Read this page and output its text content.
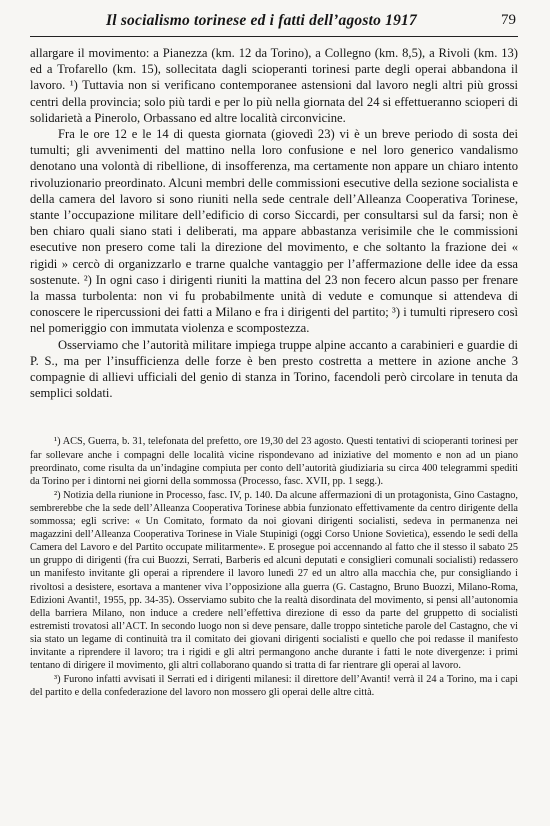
Il socialismo torinese ed i fatti dell’agosto 1917	79

allargare il movimento: a Pianezza (km. 12 da Torino), a Collegno (km. 8,5), a Rivoli (km. 13) ed a Trofarello (km. 15), sollecitata dagli scioperanti torinesi parte degli operai abbandona il lavoro. ¹) Tuttavia non si verificano contemporanee astensioni dal lavoro negli altri più grossi centri della provincia; solo più tardi e per lo più nella giornata del 24 si effettueranno scioperi di solidarietà a Pinerolo, Orbassano ed altre località circonvicine.

Fra le ore 12 e le 14 di questa giornata (giovedì 23) vi è un breve periodo di sosta dei tumulti; gli avvenimenti del mattino nella loro confusione e nel loro generico vandalismo denotano una volontà di ribellione, di insofferenza, ma certamente non appare un chiaro intento rivoluzionario preordinato. Alcuni membri delle commissioni esecutive della sezione socialista e della camera del lavoro si sono riuniti nella sede centrale dell’Alleanza Cooperativa Torinese, stante l’occupazione militare dell’edificio di corso Siccardi, per consultarsi sul da farsi; non è ben chiaro quali siano stati i deliberati, ma appare abbastanza verisimile che le commissioni esecutive non presero come tali la direzione del movimento, e che soltanto la frazione dei « rigidi » cercò di organizzarlo e trarne qualche vantaggio per l’affermazione delle idee da essa sostenute. ²) In ogni caso i dirigenti riuniti la mattina del 23 non fecero alcun passo per frenare la massa turbolenta: non vi fu probabilmente unità di vedute e comunque si attendeva di conoscere le ripercussioni dei fatti a Milano e fra i dirigenti del partito; ³) i tumulti ripresero così nel pomeriggio con immutata violenza e scompostezza.

Osserviamo che l’autorità militare impiega truppe alpine accanto a carabinieri e guardie di P. S., ma per l’insufficienza delle forze è ben presto costretta a mettere in azione anche 3 compagnie di allievi ufficiali del genio di stanza in Torino, facendoli però circolare in tenuta da semplici soldati.

¹) ACS, Guerra, b. 31, telefonata del prefetto, ore 19,30 del 23 agosto. Questi tentativi di scioperanti torinesi per far sollevare anche i compagni delle località vicine rispondevano ad iniziative del momento e non ad un piano preordinato, come risulta da un’indagine compiuta per conto dell’autorità giudiziaria su circa 400 telegrammi spediti da Torino per i dintorni nei giorni della sommossa (Processo, fasc. XVII, pp. 1 segg.).

²) Notizia della riunione in Processo, fasc. IV, p. 140. Da alcune affermazioni di un protagonista, Gino Castagno, sembrerebbe che la sede dell’Alleanza Cooperativa Torinese abbia funzionato effettivamente da centro dirigente della sommossa; egli scrive: « Un Comitato, formato da noi giovani dirigenti socialisti, sedeva in permanenza nei magazzini dell’Alleanza Cooperativa Torinese in Viale Stupinigi (oggi Corso Unione Sovietica), essendo le sedi della Camera del Lavoro e del Partito occupate militarmente». E prosegue poi accennando al fatto che il stesso il sabato 25 un gruppo di dirigenti (fra cui Buozzi, Serrati, Barberis ed alcuni deputati e consiglieri comunali socialisti) redassero un manifesto invitante gli operai a riprendere il lavoro lunedì 27 ed un altro alla macchia che, pur consigliando i rivoltosi a desistere, esortava a mantener viva l’opposizione alla guerra (G. Castagno, Bruno Buozzi, Milano-Roma, Edizioni Avanti!, 1955, pp. 34-35). Osserviamo subito che la realtà disordinata del movimento, si pensi all’autonomia della barriera Milano, non induce a credere nell’effettiva direzione di esso da parte del gruppetto di socialisti estremisti trovatosi all’ACT. In secondo luogo non si deve pensare, dalle troppo sintetiche parole del Castagno, che vi sia stato un legame di continuità tra il comitato dei giovani dirigenti socialisti e quello che poi redasse il manifesto invitante a riprendere il lavoro; tra i rigidi e gli altri permangono anche durante i fatti le note divergenze: i primi tentano di dirigere il movimento, gli altri collaborano quando si tratta di far rientrare gli operai al lavoro.

³) Furono infatti avvisati il Serrati ed i dirigenti milanesi: il direttore dell’Avanti! verrà il 24 a Torino, ma i capi del partito e della confederazione del lavoro non mossero gli operai delle altre città.
